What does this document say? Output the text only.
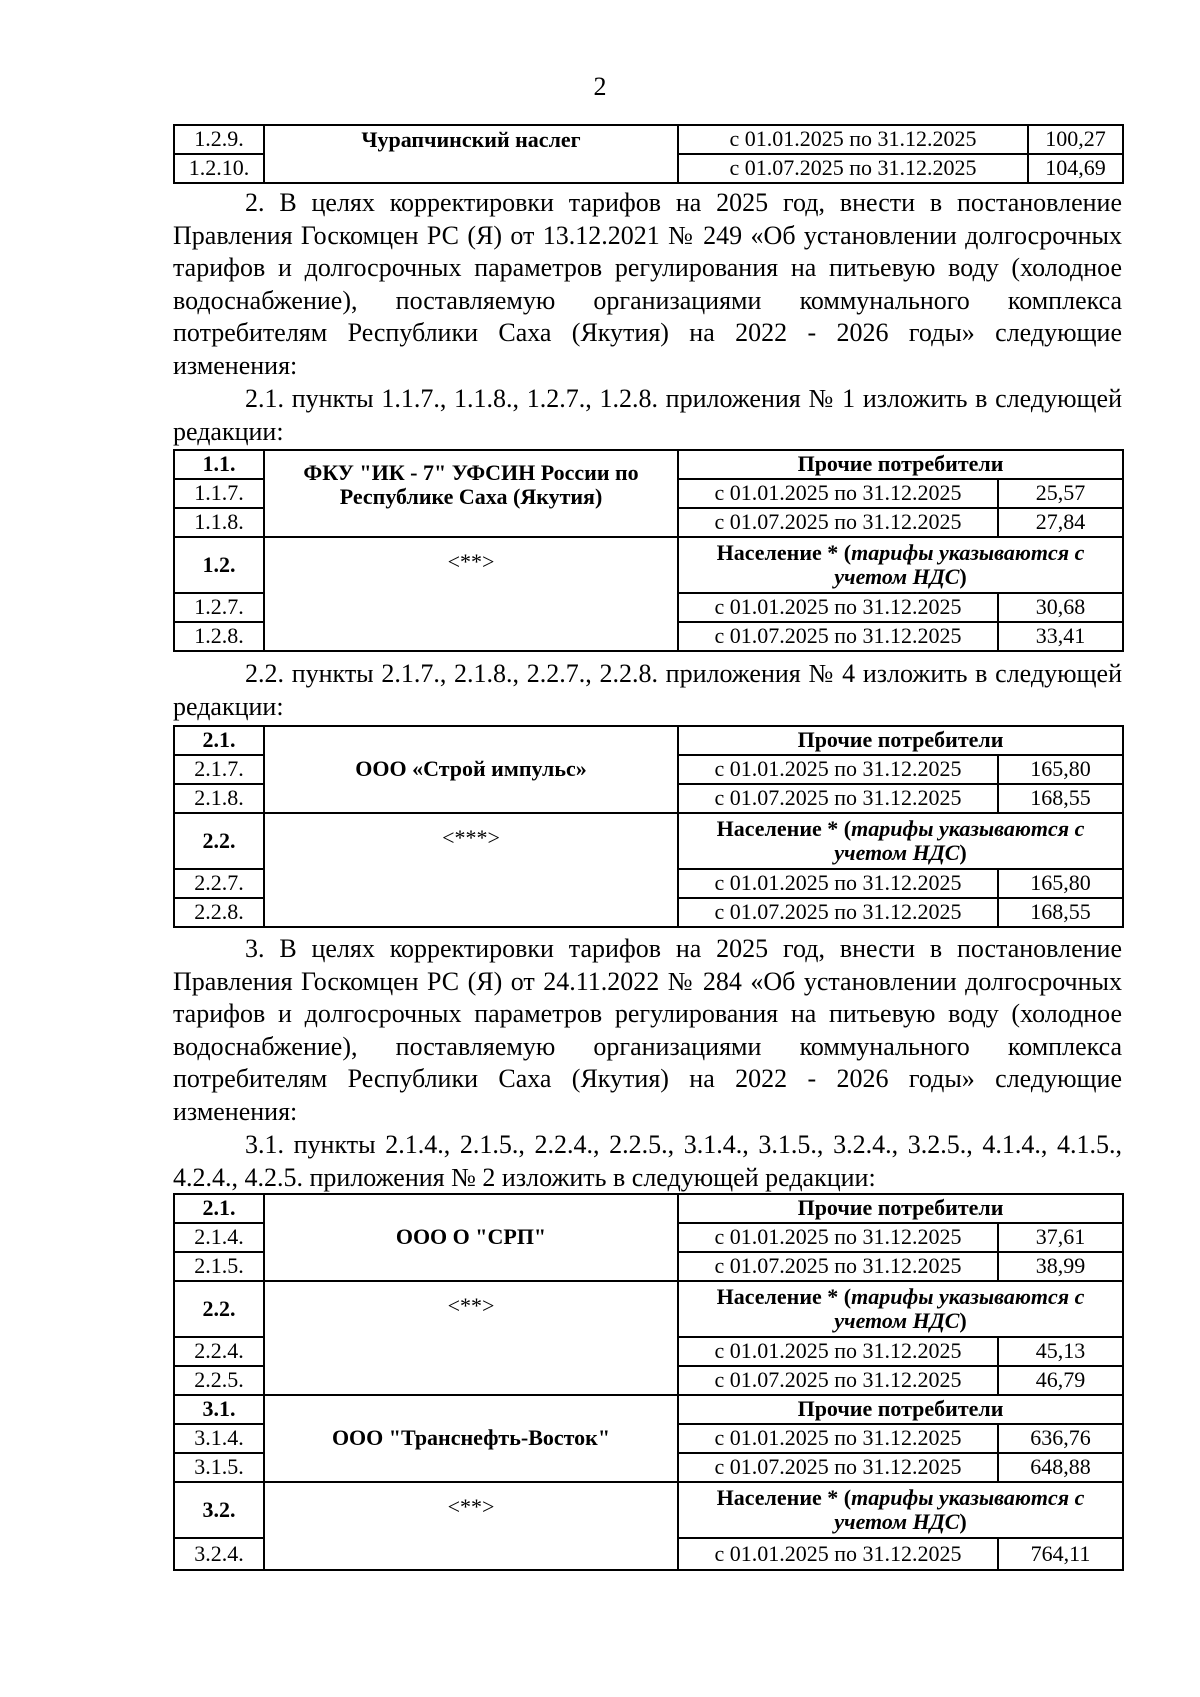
2
1.2.9.	Чурапчинский наслег	с 01.01.2025 по 31.12.2025	100,27
1.2.10.		с 01.07.2025 по 31.12.2025	104,69

2. В целях корректировки тарифов на 2025 год, внести в постановление Правления Госкомцен РС (Я) от 13.12.2021 № 249 «Об установлении долгосрочных тарифов и долгосрочных параметров регулирования на питьевую воду (холодное водоснабжение), поставляемую организациями коммунального комплекса потребителям Республики Саха (Якутия) на 2022 - 2026 годы» следующие изменения:

2.1. пункты 1.1.7., 1.1.8., 1.2.7., 1.2.8. приложения № 1 изложить в следующей редакции:

1.1.	ФКУ "ИК - 7" УФСИН России по Республике Саха (Якутия)	Прочие потребители	
1.1.7.		с 01.01.2025 по 31.12.2025	25,57
1.1.8.		с 01.07.2025 по 31.12.2025	27,84
1.2.	<**>	Население * (тарифы указываются с учетом НДС)	
1.2.7.		с 01.01.2025 по 31.12.2025	30,68
1.2.8.		с 01.07.2025 по 31.12.2025	33,41

2.2. пункты 2.1.7., 2.1.8., 2.2.7., 2.2.8. приложения № 4 изложить в следующей редакции:

2.1.	ООО «Строй импульс»	Прочие потребители	
2.1.7.		с 01.01.2025 по 31.12.2025	165,80
2.1.8.		с 01.07.2025 по 31.12.2025	168,55
2.2.	<***>	Население * (тарифы указываются с учетом НДС)	
2.2.7.		с 01.01.2025 по 31.12.2025	165,80
2.2.8.		с 01.07.2025 по 31.12.2025	168,55

3. В целях корректировки тарифов на 2025 год, внести в постановление Правления Госкомцен РС (Я) от 24.11.2022 № 284 «Об установлении долгосрочных тарифов и долгосрочных параметров регулирования на питьевую воду (холодное водоснабжение), поставляемую организациями коммунального комплекса потребителям Республики Саха (Якутия) на 2022 - 2026 годы» следующие изменения:

3.1. пункты 2.1.4., 2.1.5., 2.2.4., 2.2.5., 3.1.4., 3.1.5., 3.2.4., 3.2.5., 4.1.4., 4.1.5., 4.2.4., 4.2.5. приложения № 2 изложить в следующей редакции:

2.1.	ООО О "СРП"	Прочие потребители	
2.1.4.		с 01.01.2025 по 31.12.2025	37,61
2.1.5.		с 01.07.2025 по 31.12.2025	38,99
2.2.	<**>	Население * (тарифы указываются с учетом НДС)	
2.2.4.		с 01.01.2025 по 31.12.2025	45,13
2.2.5.		с 01.07.2025 по 31.12.2025	46,79
3.1.	ООО "Транснефть-Восток"	Прочие потребители	
3.1.4.		с 01.01.2025 по 31.12.2025	636,76
3.1.5.		с 01.07.2025 по 31.12.2025	648,88
3.2.	<**>	Население * (тарифы указываются с учетом НДС)	
3.2.4.		с 01.01.2025 по 31.12.2025	764,11
